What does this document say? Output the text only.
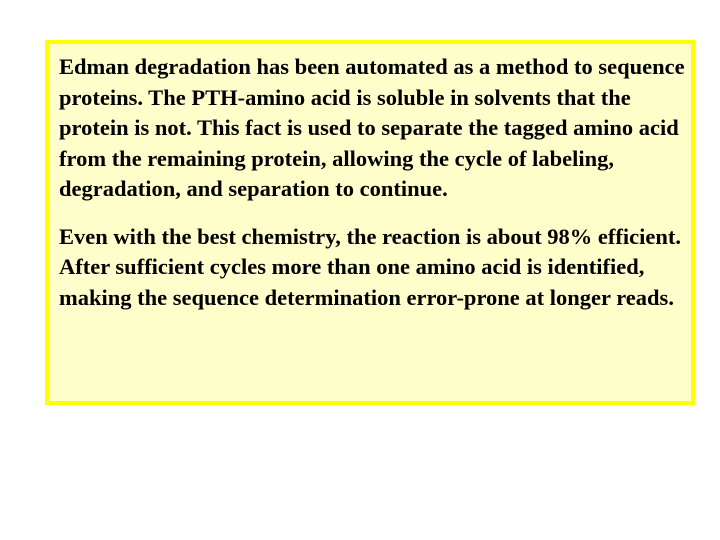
Edman degradation has been automated as a method to sequence proteins. The PTH-amino acid is soluble in solvents that the protein is not. This fact is used to separate the tagged amino acid from the remaining protein, allowing the cycle of labeling, degradation, and separation to continue.

Even with the best chemistry, the reaction is about 98% efficient. After sufficient cycles more than one amino acid is identified, making the sequence determination error-prone at longer reads.
